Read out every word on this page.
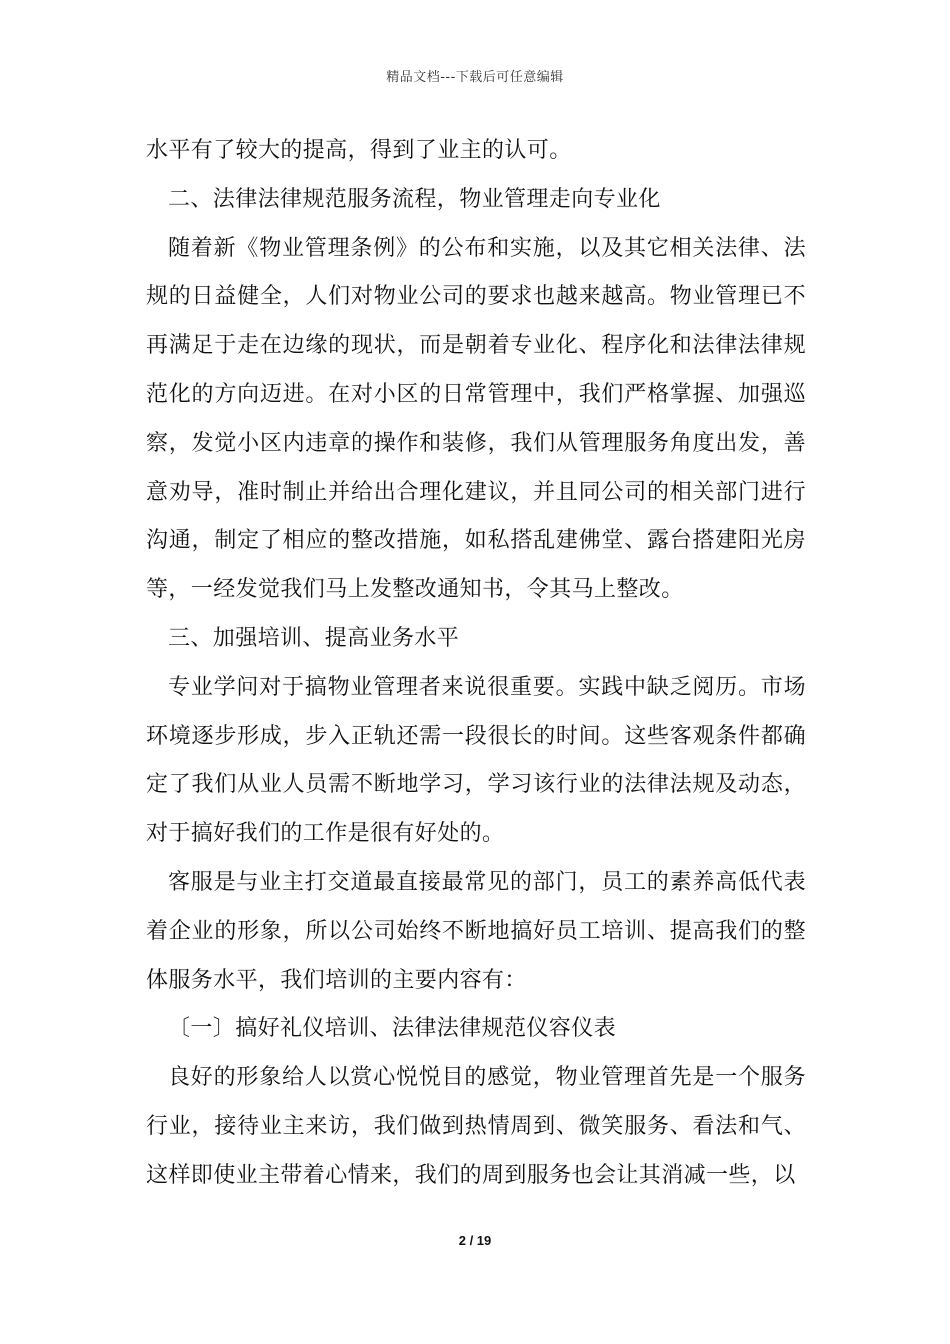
精品文档---下载后可任意编辑

水平有了较大的提高，得到了业主的认可。

二、法律法律规范服务流程，物业管理走向专业化

随着新《物业管理条例》的公布和实施，以及其它相关法律、法规的日益健全，人们对物业公司的要求也越来越高。物业管理已不再满足于走在边缘的现状，而是朝着专业化、程序化和法律法律规范化的方向迈进。在对小区的日常管理中，我们严格掌握、加强巡察，发觉小区内违章的操作和装修，我们从管理服务角度出发，善意劝导，准时制止并给出合理化建议，并且同公司的相关部门进行沟通，制定了相应的整改措施，如私搭乱建佛堂、露台搭建阳光房等，一经发觉我们马上发整改通知书，令其马上整改。

三、加强培训、提高业务水平

专业学问对于搞物业管理者来说很重要。实践中缺乏阅历。市场环境逐步形成，步入正轨还需一段很长的时间。这些客观条件都确定了我们从业人员需不断地学习，学习该行业的法律法规及动态，对于搞好我们的工作是很有好处的。

客服是与业主打交道最直接最常见的部门，员工的素养高低代表着企业的形象，所以公司始终不断地搞好员工培训、提高我们的整体服务水平，我们培训的主要内容有：

〔一〕搞好礼仪培训、法律法律规范仪容仪表

良好的形象给人以赏心悦悦目的感觉，物业管理首先是一个服务行业，接待业主来访，我们做到热情周到、微笑服务、看法和气、这样即使业主带着心情来，我们的周到服务也会让其消减一些，以

2 / 19
